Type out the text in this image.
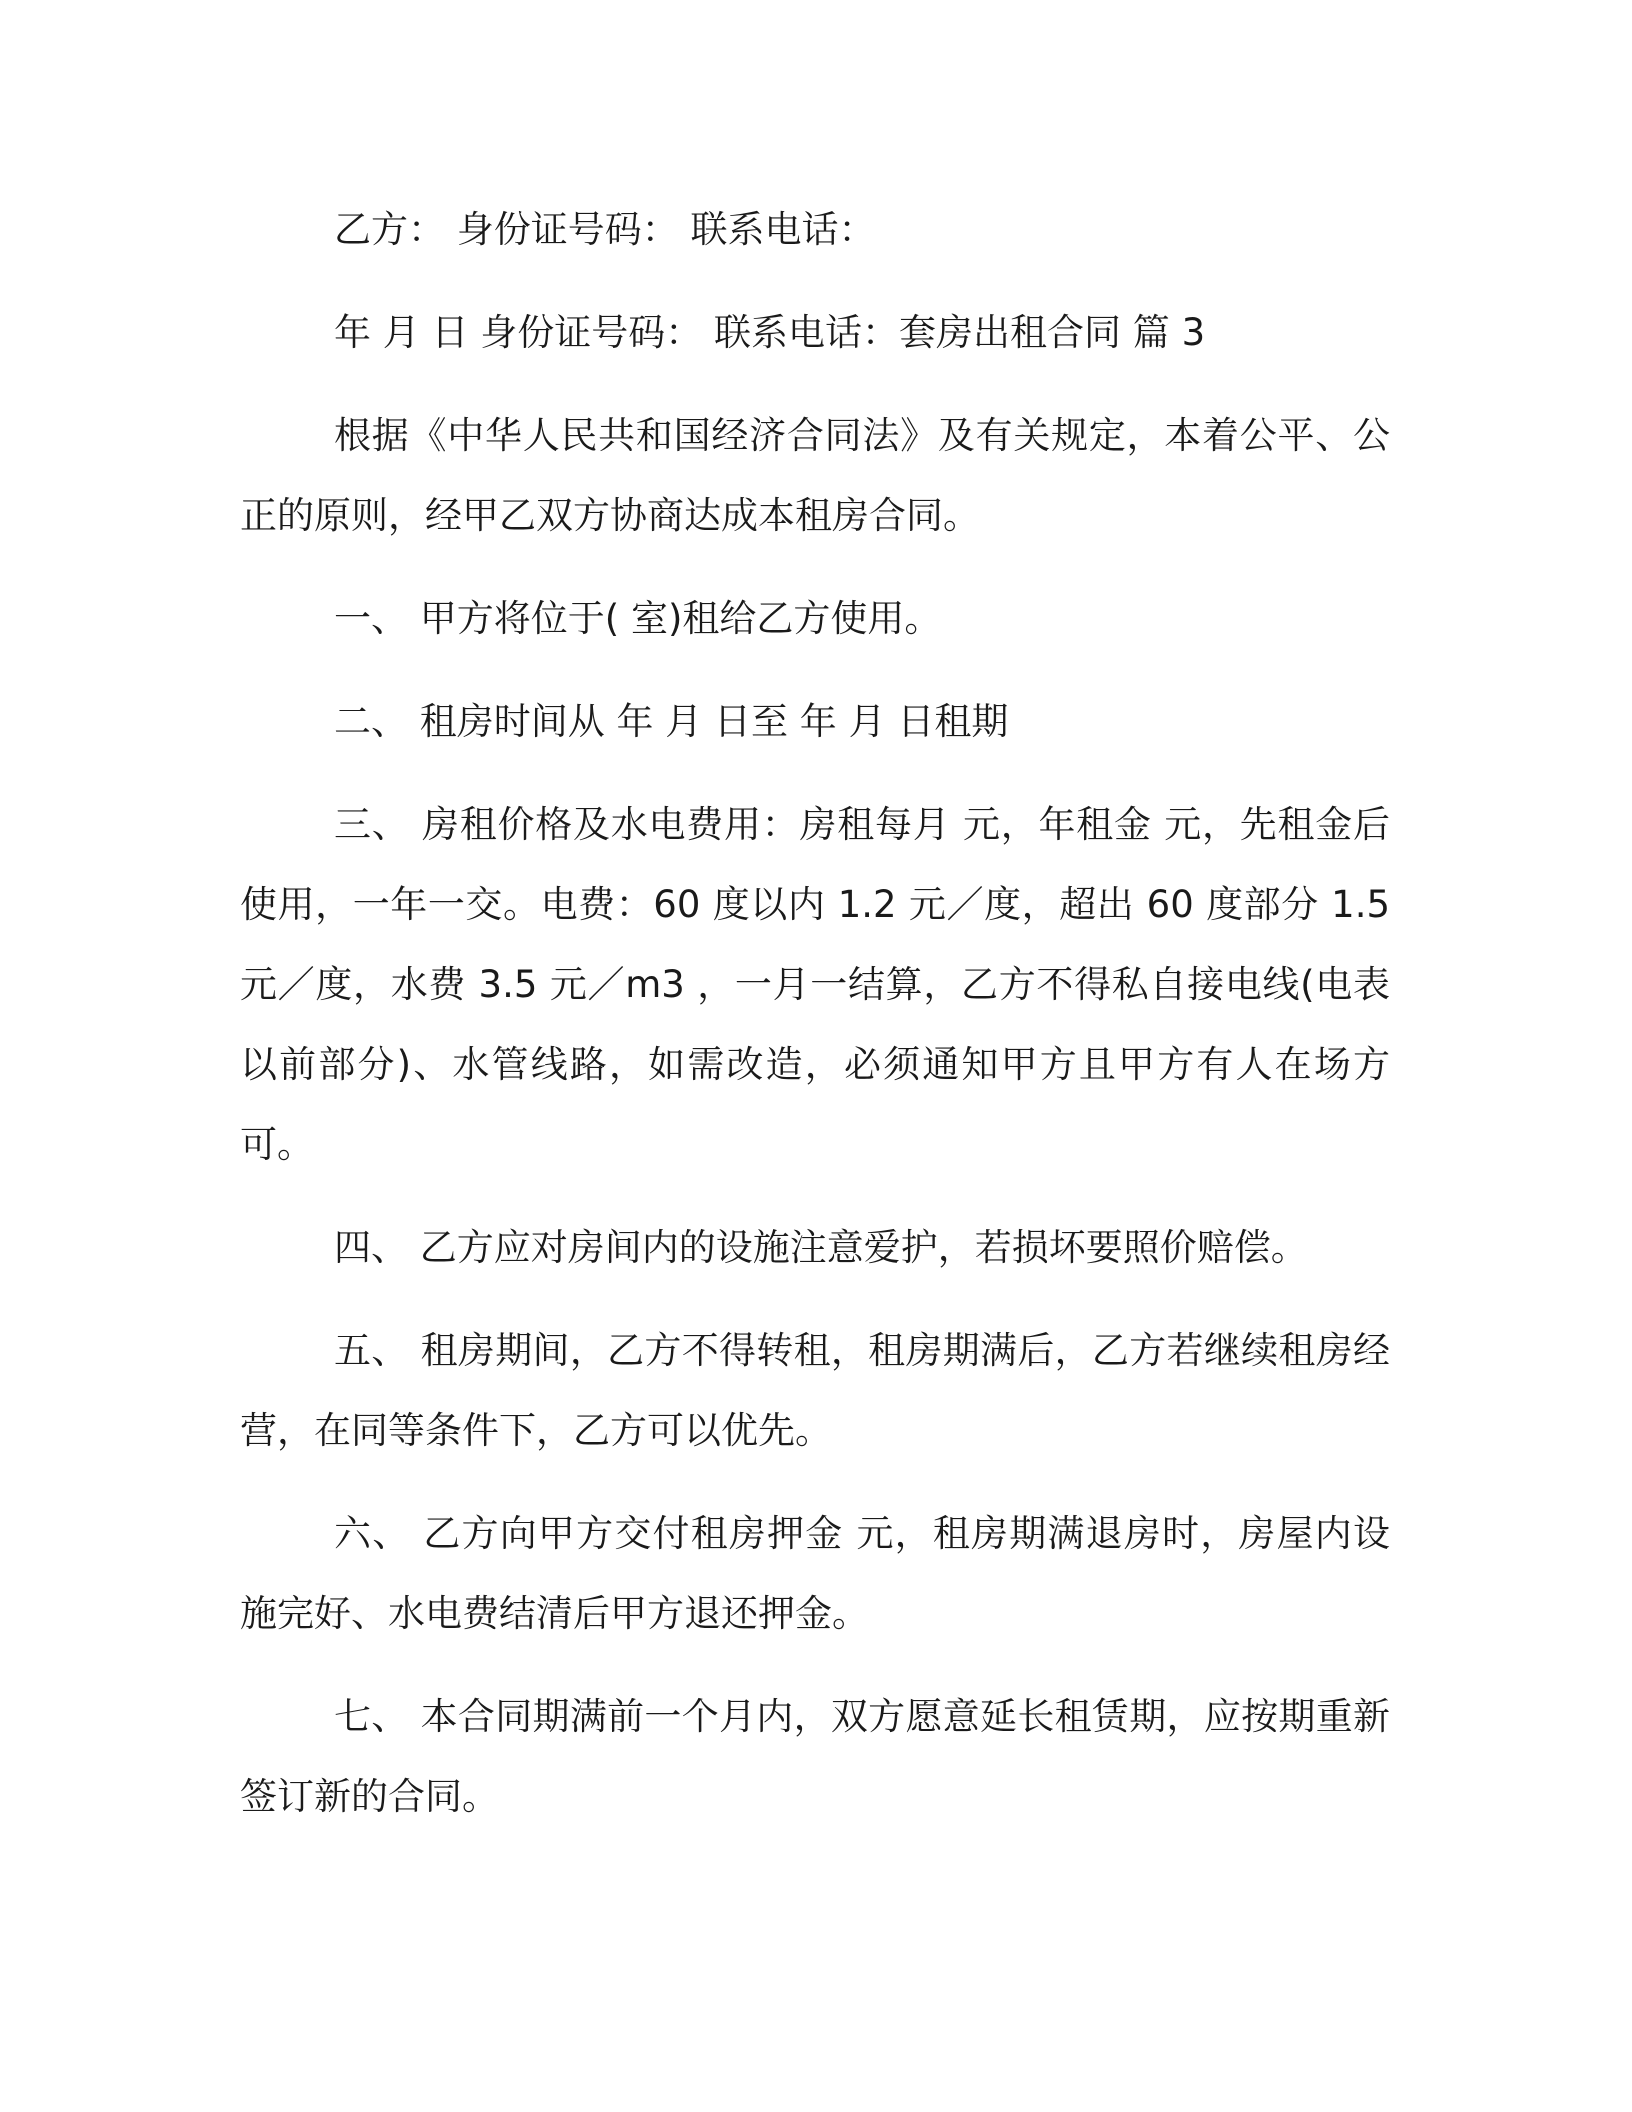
乙方： 身份证号码： 联系电话：

年 月 日 身份证号码： 联系电话：套房出租合同 篇 3

根据《中华人民共和国经济合同法》及有关规定，本着公平、公正的原则，经甲乙双方协商达成本租房合同。

一、 甲方将位于( 室)租给乙方使用。

二、 租房时间从 年 月 日至 年 月 日租期

三、 房租价格及水电费用：房租每月 元，年租金 元，先租金后使用，一年一交。电费：60 度以内 1.2 元／度，超出 60 度部分 1.5 元／度，水费 3.5 元／m3 ，一月一结算，乙方不得私自接电线(电表以前部分)、水管线路，如需改造，必须通知甲方且甲方有人在场方可。

四、 乙方应对房间内的设施注意爱护，若损坏要照价赔偿。

五、 租房期间，乙方不得转租，租房期满后，乙方若继续租房经营，在同等条件下，乙方可以优先。

六、 乙方向甲方交付租房押金 元，租房期满退房时，房屋内设施完好、水电费结清后甲方退还押金。

七、 本合同期满前一个月内，双方愿意延长租赁期，应按期重新签订新的合同。
